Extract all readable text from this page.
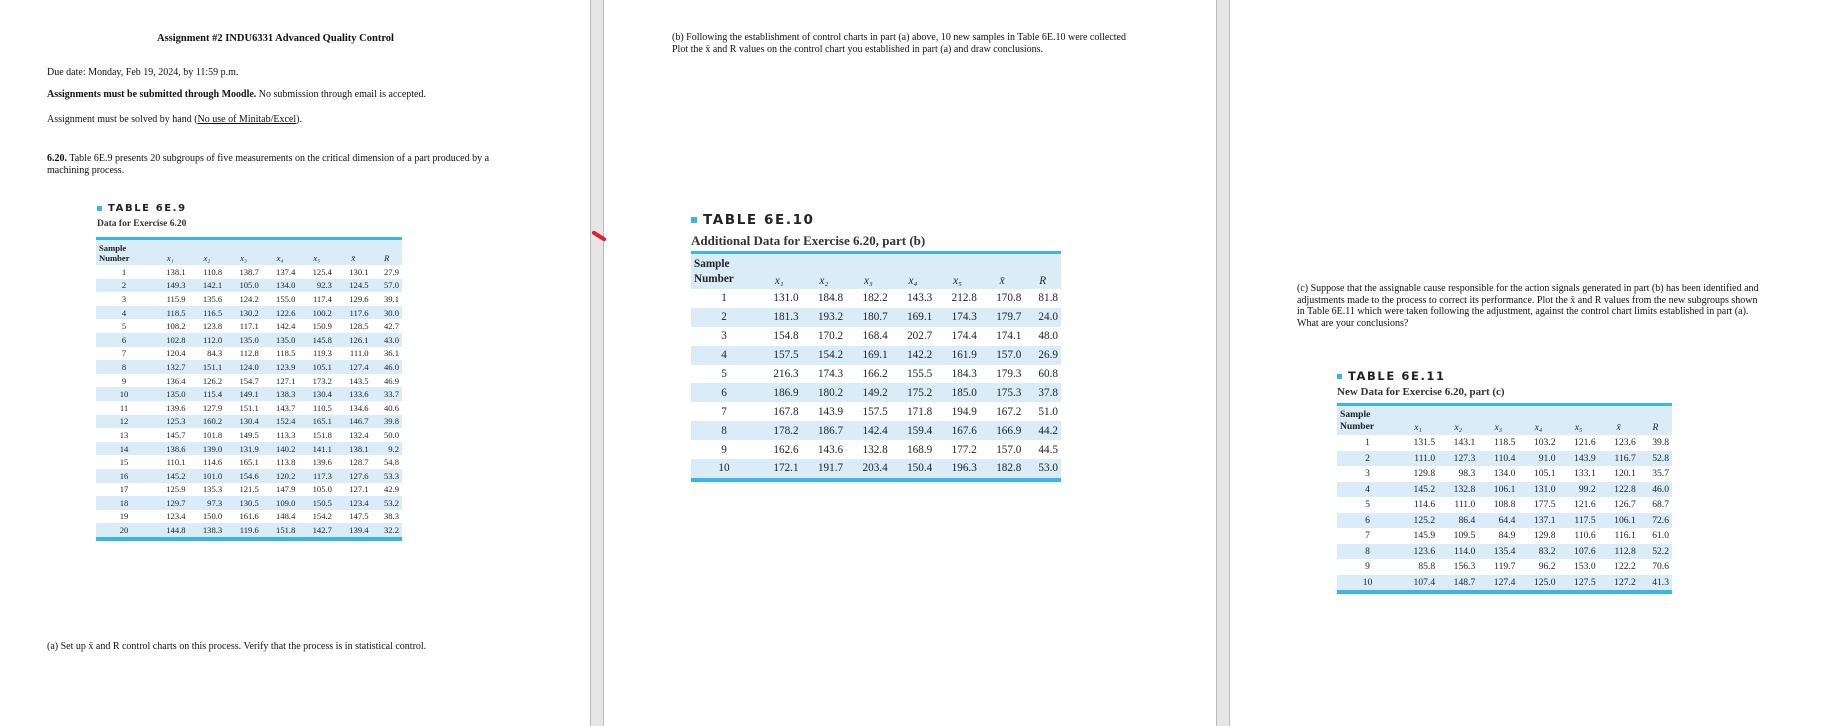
Assignment #2 INDU6331 Advanced Quality Control
Due date: Monday, Feb 19, 2024, by 11:59 p.m.
Assignments must be submitted through Moodle. No submission through email is accepted.
Assignment must be solved by hand (No use of Minitab/Excel).
6.20. Table 6E.9 presents 20 subgroups of five measurements on the critical dimension of a part produced by a machining process.
TABLE 6E.9
Data for Exercise 6.20
Sample
Number	x₁	x₂	x₃	x₄	x₅	x̄	R
1	138.1	110.8	138.7	137.4	125.4	130.1	27.9
2	149.3	142.1	105.0	134.0	92.3	124.5	57.0
3	115.9	135.6	124.2	155.0	117.4	129.6	39.1
4	118.5	116.5	130.2	122.6	100.2	117.6	30.0
5	108.2	123.8	117.1	142.4	150.9	128.5	42.7
6	102.8	112.0	135.0	135.0	145.8	126.1	43.0
7	120.4	84.3	112.8	118.5	119.3	111.0	36.1
8	132.7	151.1	124.0	123.9	105.1	127.4	46.0
9	136.4	126.2	154.7	127.1	173.2	143.5	46.9
10	135.0	115.4	149.1	138.3	130.4	133.6	33.7
11	139.6	127.9	151.1	143.7	110.5	134.6	40.6
12	125.3	160.2	130.4	152.4	165.1	146.7	39.8
13	145.7	101.8	149.5	113.3	151.8	132.4	50.0
14	138.6	139.0	131.9	140.2	141.1	138.1	9.2
15	110.1	114.6	165.1	113.8	139.6	128.7	54.8
16	145.2	101.0	154.6	120.2	117.3	127.6	53.3
17	125.9	135.3	121.5	147.9	105.0	127.1	42.9
18	129.7	97.3	130.5	109.0	150.5	123.4	53.2
19	123.4	150.0	161.6	148.4	154.2	147.5	38.3
20	144.8	138.3	119.6	151.8	142.7	139.4	32.2
(a) Set up x̄ and R control charts on this process. Verify that the process is in statistical control.
(b) Following the establishment of control charts in part (a) above, 10 new samples in Table 6E.10 were collected Plot the x̄ and R values on the control chart you established in part (a) and draw conclusions.
TABLE 6E.10
Additional Data for Exercise 6.20, part (b)
Sample
Number	x₁	x₂	x₃	x₄	x₅	x̄	R
1	131.0	184.8	182.2	143.3	212.8	170.8	81.8
2	181.3	193.2	180.7	169.1	174.3	179.7	24.0
3	154.8	170.2	168.4	202.7	174.4	174.1	48.0
4	157.5	154.2	169.1	142.2	161.9	157.0	26.9
5	216.3	174.3	166.2	155.5	184.3	179.3	60.8
6	186.9	180.2	149.2	175.2	185.0	175.3	37.8
7	167.8	143.9	157.5	171.8	194.9	167.2	51.0
8	178.2	186.7	142.4	159.4	167.6	166.9	44.2
9	162.6	143.6	132.8	168.9	177.2	157.0	44.5
10	172.1	191.7	203.4	150.4	196.3	182.8	53.0
(c) Suppose that the assignable cause responsible for the action signals generated in part (b) has been identified and adjustments made to the process to correct its performance. Plot the x̄ and R values from the new subgroups shown in Table 6E.11 which were taken following the adjustment, against the control chart limits established in part (a). What are your conclusions?
TABLE 6E.11
New Data for Exercise 6.20, part (c)
Sample
Number	x₁	x₂	x₃	x₄	x₅	x̄	R
1	131.5	143.1	118.5	103.2	121.6	123.6	39.8
2	111.0	127.3	110.4	91.0	143.9	116.7	52.8
3	129.8	98.3	134.0	105.1	133.1	120.1	35.7
4	145.2	132.8	106.1	131.0	99.2	122.8	46.0
5	114.6	111.0	108.8	177.5	121.6	126.7	68.7
6	125.2	86.4	64.4	137.1	117.5	106.1	72.6
7	145.9	109.5	84.9	129.8	110.6	116.1	61.0
8	123.6	114.0	135.4	83.2	107.6	112.8	52.2
9	85.8	156.3	119.7	96.2	153.0	122.2	70.6
10	107.4	148.7	127.4	125.0	127.5	127.2	41.3
